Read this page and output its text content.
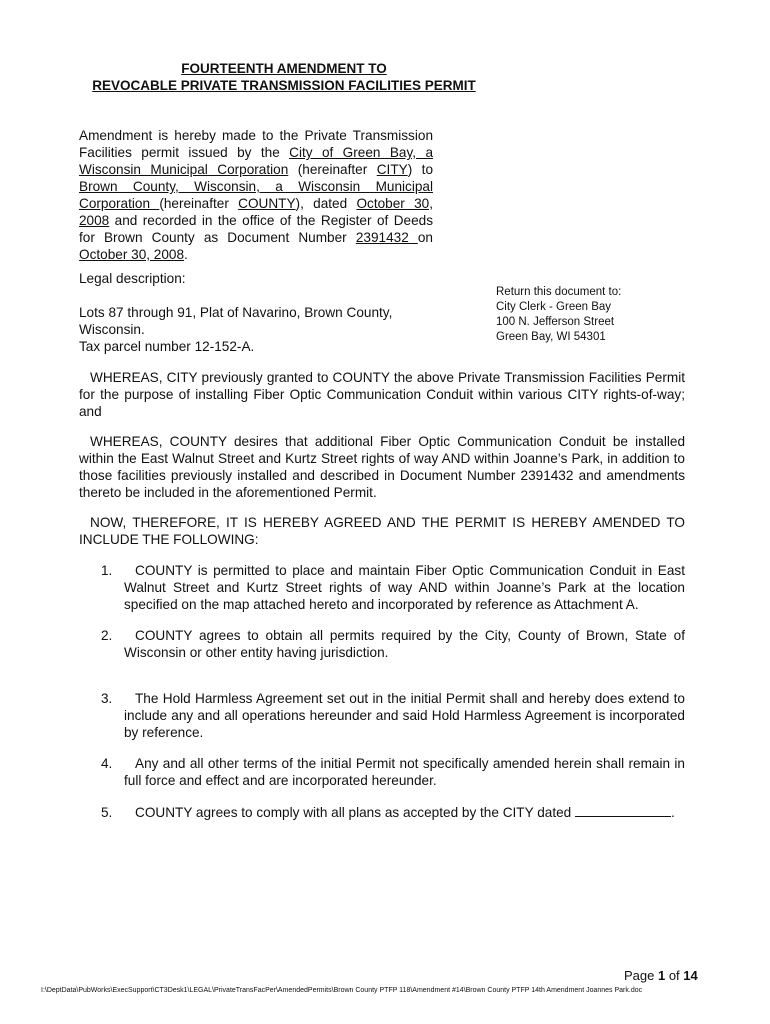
FOURTEENTH AMENDMENT TO
REVOCABLE PRIVATE TRANSMISSION FACILITIES PERMIT
Amendment is hereby made to the Private Transmission Facilities permit issued by the City of Green Bay, a Wisconsin Municipal Corporation (hereinafter CITY) to Brown County, Wisconsin, a Wisconsin Municipal Corporation (hereinafter COUNTY), dated October 30, 2008 and recorded in the office of the Register of Deeds for Brown County as Document Number 2391432 on October 30, 2008.
Legal description:
Lots 87 through 91, Plat of Navarino, Brown County,
Wisconsin.
Tax parcel number 12-152-A.
Return this document to:
City Clerk - Green Bay
100 N. Jefferson Street
Green Bay, WI 54301
WHEREAS, CITY previously granted to COUNTY the above Private Transmission Facilities Permit for the purpose of installing Fiber Optic Communication Conduit within various CITY rights-of-way; and
WHEREAS, COUNTY desires that additional Fiber Optic Communication Conduit be installed within the East Walnut Street and Kurtz Street rights of way AND within Joanne’s Park, in addition to those facilities previously installed and described in Document Number 2391432 and amendments thereto be included in the aforementioned Permit.
NOW, THEREFORE, IT IS HEREBY AGREED AND THE PERMIT IS HEREBY AMENDED TO INCLUDE THE FOLLOWING:
1.	COUNTY is permitted to place and maintain Fiber Optic Communication Conduit in East Walnut Street and Kurtz Street rights of way AND within Joanne’s Park at the location specified on the map attached hereto and incorporated by reference as Attachment A.
2.	COUNTY agrees to obtain all permits required by the City, County of Brown, State of Wisconsin or other entity having jurisdiction.
3.	The Hold Harmless Agreement set out in the initial Permit shall and hereby does extend to include any and all operations hereunder and said Hold Harmless Agreement is incorporated by reference.
4.	Any and all other terms of the initial Permit not specifically amended herein shall remain in full force and effect and are incorporated hereunder.
5.	COUNTY agrees to comply with all plans as accepted by the CITY dated	.
Page 1 of 14
I:\DeptData\PubWorks\ExecSupport\CT3Desk1\LEGAL\PrivateTransFacPer\AmendedPermits\Brown County PTFP 118\Amendment #14\Brown County PTFP 14th Amendment Joannes Park.doc
